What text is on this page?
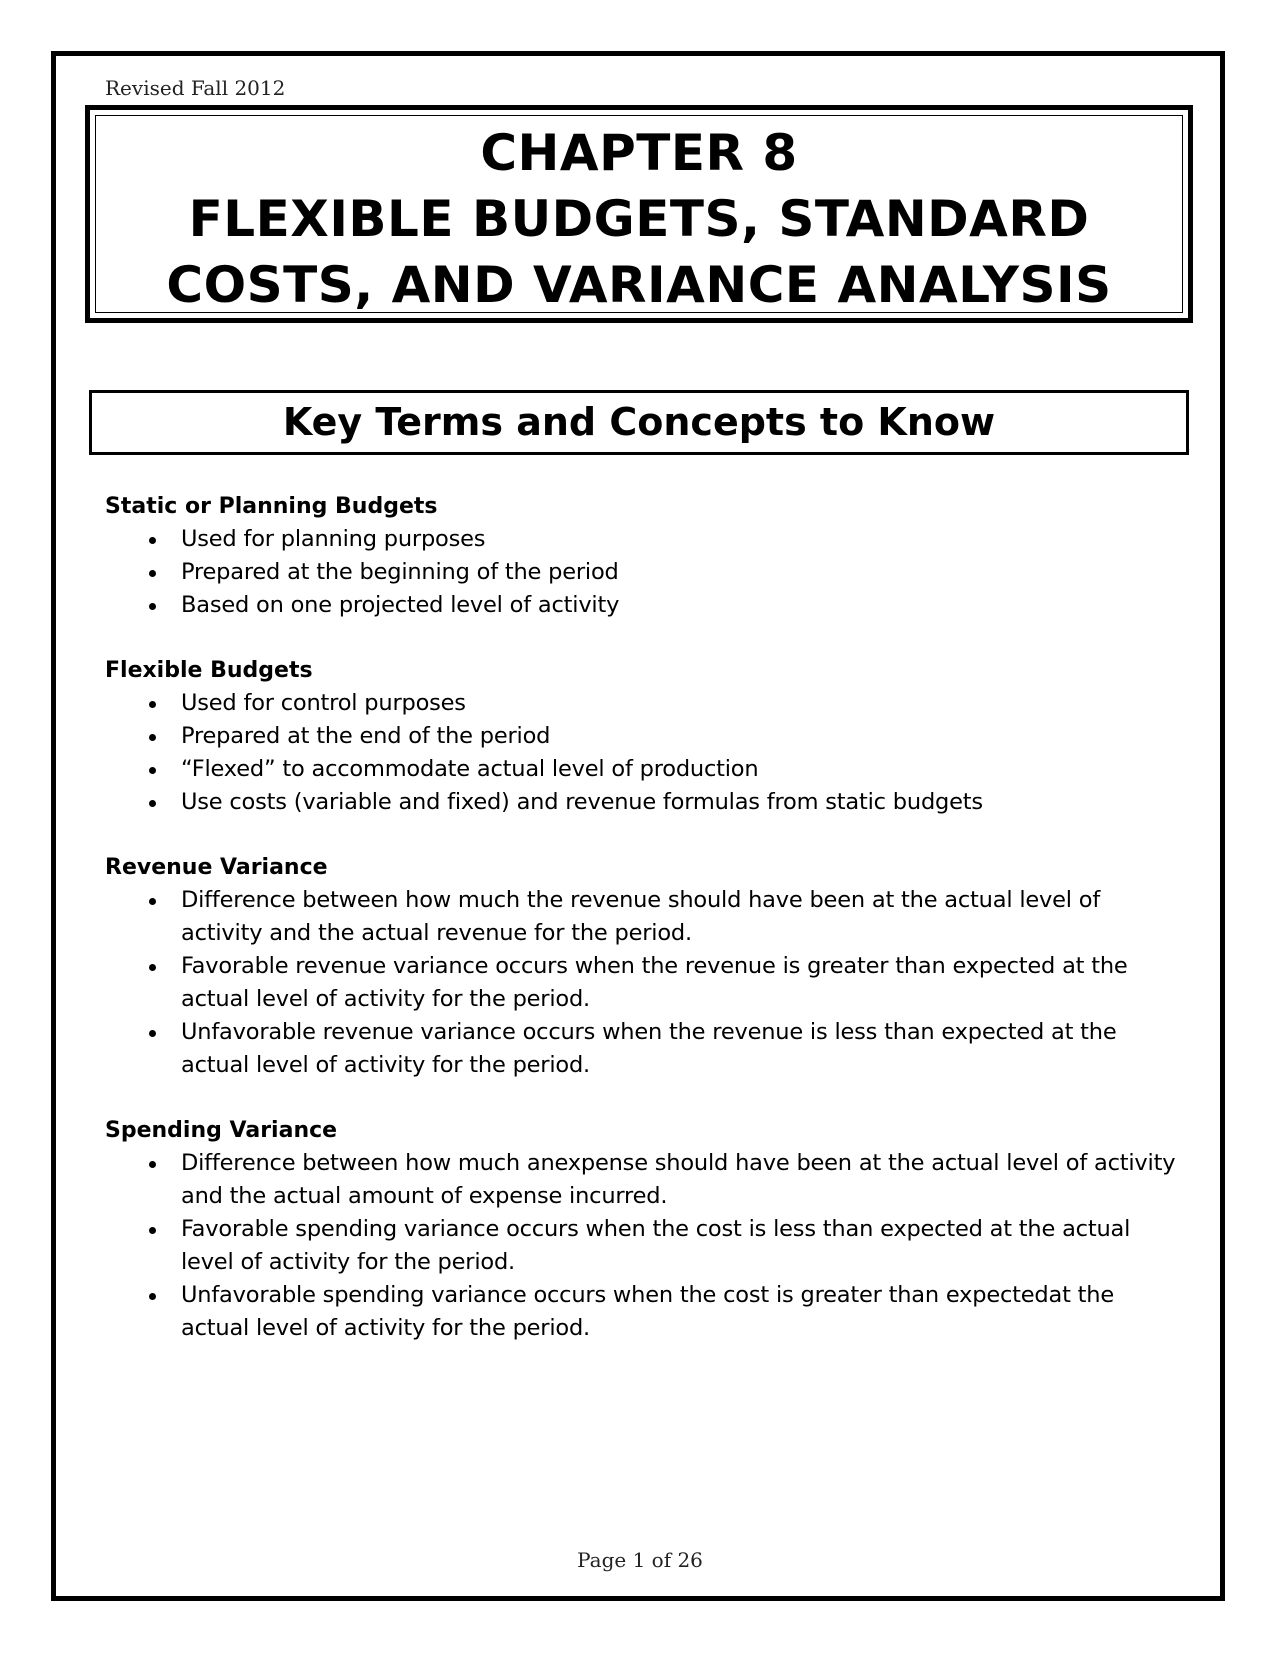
Revised Fall 2012
CHAPTER 8
FLEXIBLE BUDGETS, STANDARD
COSTS, AND VARIANCE ANALYSIS
Key Terms and Concepts to Know

Static or Planning Budgets

Used for planning purposes
Prepared at the beginning of the period
Based on one projected level of activity

Flexible Budgets

Used for control purposes
Prepared at the end of the period
“Flexed” to accommodate actual level of production
Use costs (variable and fixed) and revenue formulas from static budgets

Revenue Variance

Difference between how much the revenue should have been at the actual level of activity and the actual revenue for the period.
Favorable revenue variance occurs when the revenue is greater than expected at the actual level of activity for the period.
Unfavorable revenue variance occurs when the revenue is less than expected at the actual level of activity for the period.

Spending Variance

Difference between how much anexpense should have been at the actual level of activity and the actual amount of expense incurred.
Favorable spending variance occurs when the cost is less than expected at the actual level of activity for the period.
Unfavorable spending variance occurs when the cost is greater than expectedat the actual level of activity for the period.
Page 1 of 26
